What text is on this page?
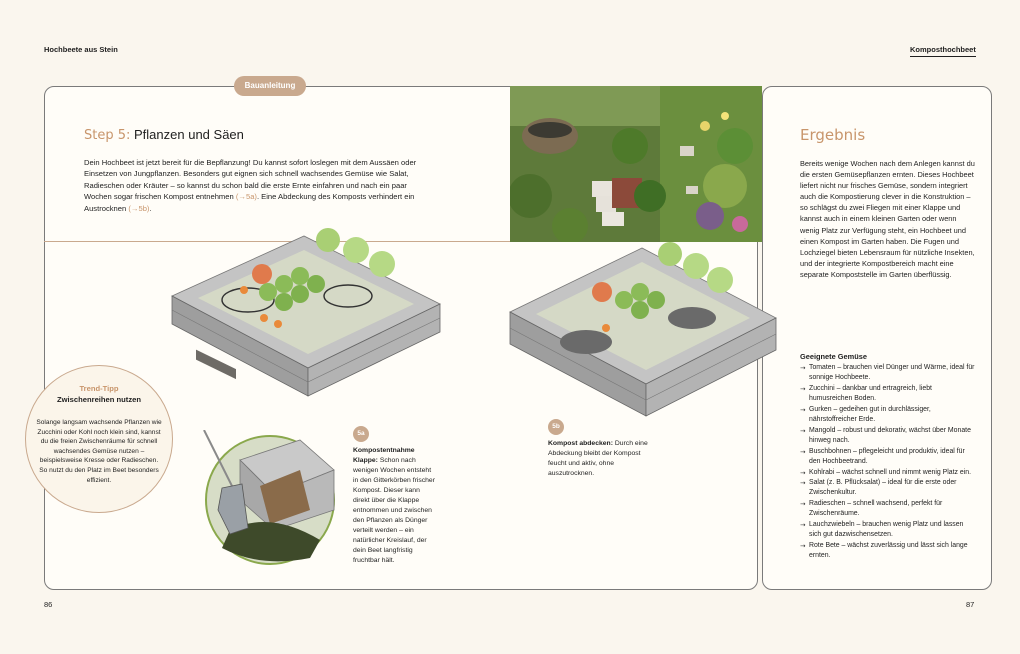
Hochbeete aus Stein	Komposthochbeet
Bauanleitung
Step 5: Pflanzen und Säen
Dein Hochbeet ist jetzt bereit für die Bepflanzung! Du kannst sofort loslegen mit dem Aussäen oder Einsetzen von Jungpflanzen. Besonders gut eignen sich schnell wachsendes Gemüse wie Salat, Radieschen oder Kräuter – so kannst du schon bald die erste Ernte einfahren und nach ein paar Wochen sogar frischen Kompost entnehmen (→5a). Eine Abdeckung des Komposts verhindert ein Austrocknen (→5b).
Ergebnis
Bereits wenige Wochen nach dem Anlegen kannst du die ersten Gemüsepflanzen ernten. Dieses Hochbeet liefert nicht nur frisches Gemüse, sondern integriert auch die Kompostierung clever in die Konstruktion – so schlägst du zwei Fliegen mit einer Klappe und kannst auch in einem kleinen Garten oder wenn wenig Platz zur Verfügung steht, ein Hochbeet und einen Kompost im Garten haben. Die Fugen und Lochziegel bieten Lebensraum für nützliche Insekten, und der integrierte Kompostbereich macht eine separate Kompoststelle im Garten überflüssig.
Geeignete Gemüse
→ Tomaten – brauchen viel Dünger und Wärme, ideal für sonnige Hochbeete.
→ Zucchini – dankbar und ertragreich, liebt humusreichen Boden.
→ Gurken – gedeihen gut in durchlässiger, nährstoffreicher Erde.
→ Mangold – robust und dekorativ, wächst über Monate hinweg nach.
→ Buschbohnen – pflegeleicht und produktiv, ideal für den Hochbeetrand.
→ Kohlrabi – wächst schnell und nimmt wenig Platz ein.
→ Salat (z. B. Pflücksalat) – ideal für die erste oder Zwischenkultur.
→ Radieschen – schnell wachsend, perfekt für Zwischenräume.
→ Lauchzwiebeln – brauchen wenig Platz und lassen sich gut dazwischensetzen.
→ Rote Bete – wächst zuverlässig und lässt sich lange ernten.
Trend-Tipp
Zwischenreihen nutzen
Solange langsam wachsende Pflanzen wie Zucchini oder Kohl noch klein sind, kannst du die freien Zwischenräume für schnell wachsendes Gemüse nutzen – beispielsweise Kresse oder Radieschen. So nutzt du den Platz im Beet besonders effizient.
5a
Kompostentnahme Klappe: Schon nach wenigen Wochen entsteht in den Gitterkörben frischer Kompost. Dieser kann direkt über die Klappe entnommen und zwischen den Pflanzen als Dünger verteilt werden – ein natürlicher Kreislauf, der dein Beet langfristig fruchtbar hält.
5b
Kompost abdecken: Durch eine Abdeckung bleibt der Kompost feucht und aktiv, ohne auszutrocknen.
86	87
